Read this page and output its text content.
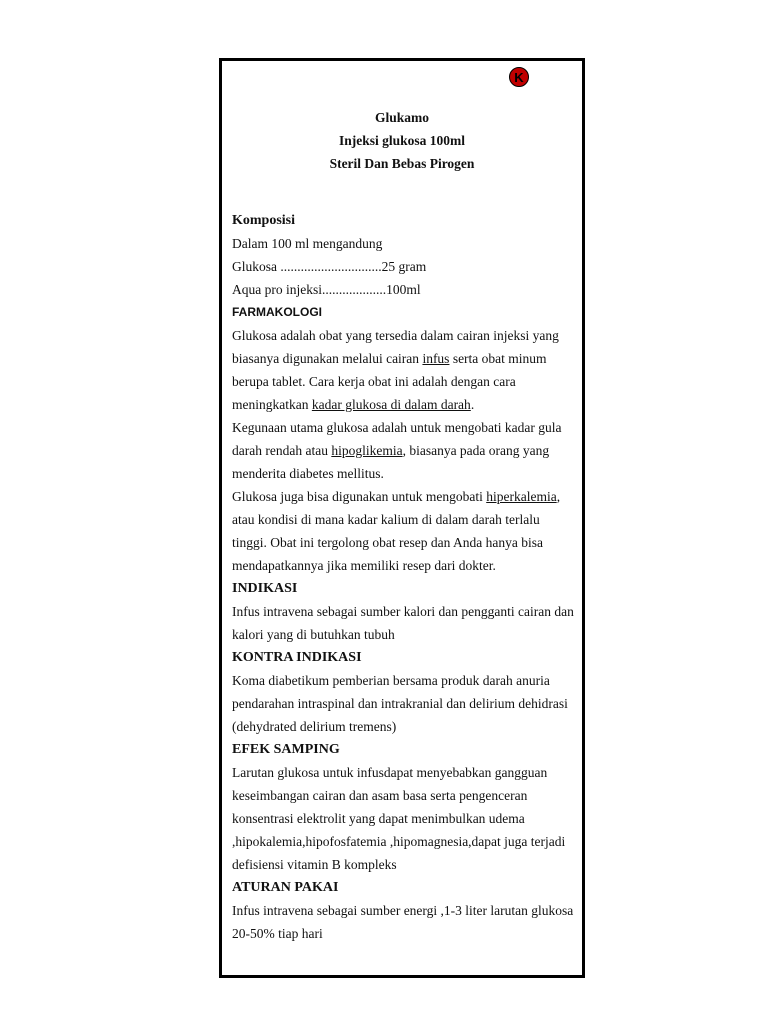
K
Glukamo
Injeksi glukosa 100ml
Steril Dan Bebas Pirogen
Komposisi
Dalam 100 ml mengandung
Glukosa ..............................25 gram
Aqua pro injeksi...................100ml
FARMAKOLOGI

Glukosa adalah obat yang tersedia dalam cairan injeksi yang biasanya digunakan melalui cairan infus serta obat minum berupa tablet. Cara kerja obat ini adalah dengan cara meningkatkan kadar glukosa di dalam darah.

Kegunaan utama glukosa adalah untuk mengobati kadar gula darah rendah atau hipoglikemia, biasanya pada orang yang menderita diabetes mellitus.

Glukosa juga bisa digunakan untuk mengobati hiperkalemia, atau kondisi di mana kadar kalium di dalam darah terlalu tinggi. Obat ini tergolong obat resep dan Anda hanya bisa mendapatkannya jika memiliki resep dari dokter.

INDIKASI

Infus intravena sebagai sumber kalori dan pengganti cairan dan kalori yang di butuhkan tubuh

KONTRA INDIKASI

Koma diabetikum pemberian bersama produk darah anuria pendarahan intraspinal dan intrakranial dan delirium dehidrasi (dehydrated delirium tremens)

EFEK SAMPING

Larutan glukosa untuk infusdapat menyebabkan gangguan keseimbangan cairan dan asam basa serta pengenceran konsentrasi elektrolit yang dapat menimbulkan udema ,hipokalemia,hipofosfatemia ,hipomagnesia,dapat juga terjadi defisiensi vitamin B kompleks

ATURAN PAKAI

Infus intravena sebagai sumber energi ,1-3 liter larutan glukosa 20-50% tiap hari
